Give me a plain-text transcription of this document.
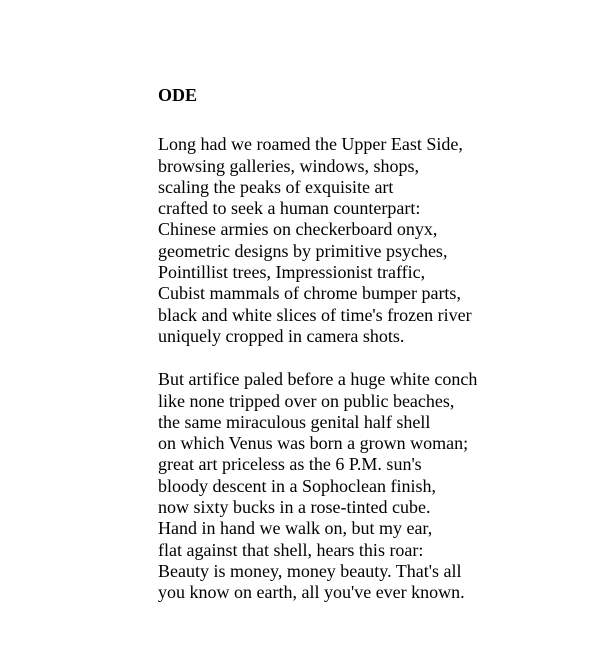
ODE
Long had we roamed the Upper East Side,
browsing galleries, windows, shops,
scaling the peaks of exquisite art
crafted to seek a human counterpart:
Chinese armies on checkerboard onyx,
geometric designs by primitive psyches,
Pointillist trees, Impressionist traffic,
Cubist mammals of chrome bumper parts,
black and white slices of time's frozen river
uniquely cropped in camera shots.
But artifice paled before a huge white conch
like none tripped over on public beaches,
the same miraculous genital half shell
on which Venus was born a grown woman;
great art priceless as the 6 P.M. sun's
bloody descent in a Sophoclean finish,
now sixty bucks in a rose-tinted cube.
Hand in hand we walk on, but my ear,
flat against that shell, hears this roar:
Beauty is money, money beauty. That's all
you know on earth, all you've ever known.
